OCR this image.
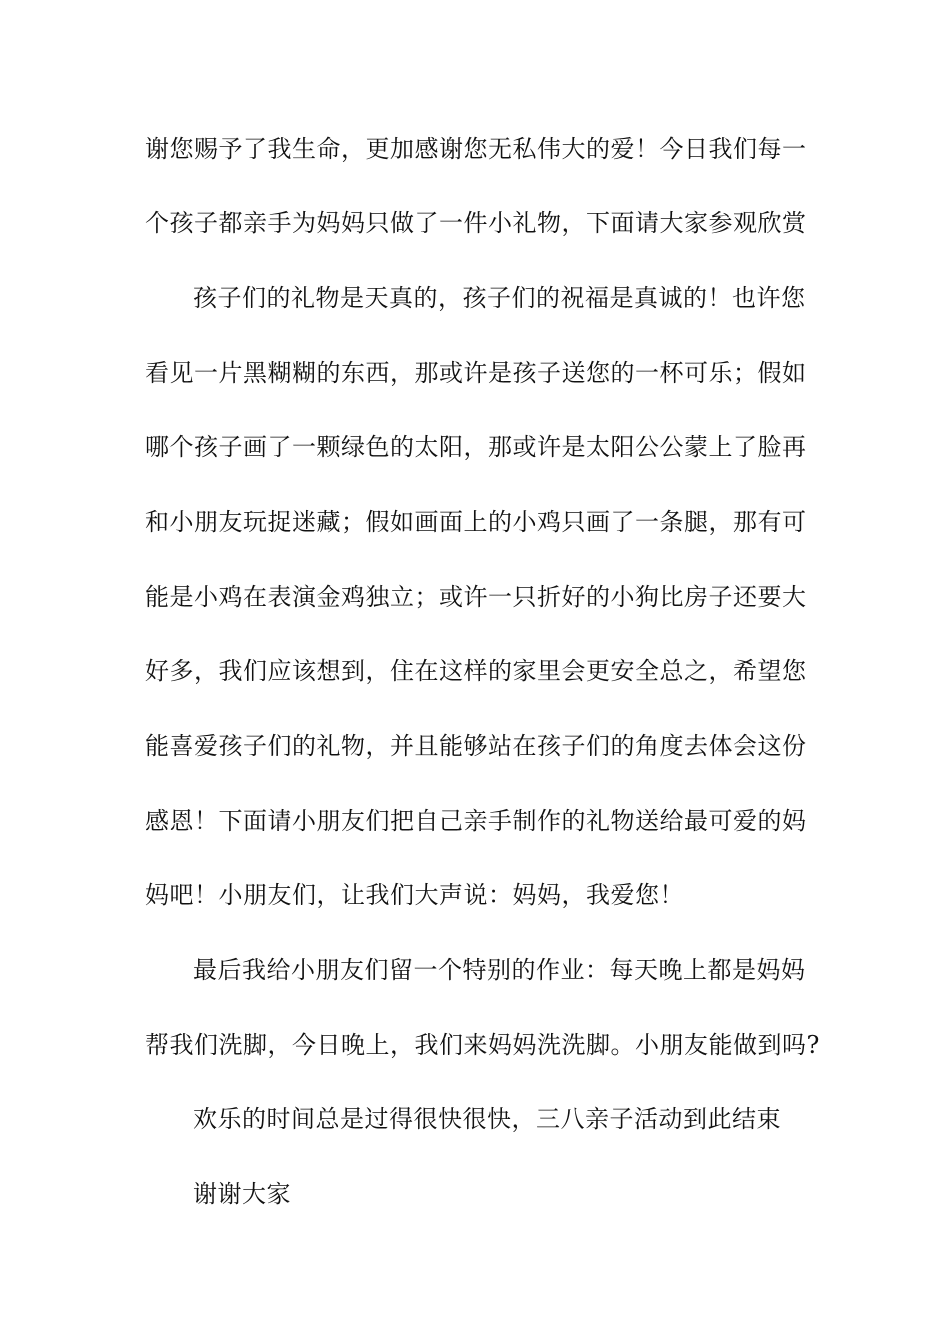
谢您赐予了我生命，更加感谢您无私伟大的爱！今日我们每一
个孩子都亲手为妈妈只做了一件小礼物，下面请大家参观欣赏
孩子们的礼物是天真的，孩子们的祝福是真诚的！也许您
看见一片黑糊糊的东西，那或许是孩子送您的一杯可乐；假如
哪个孩子画了一颗绿色的太阳，那或许是太阳公公蒙上了脸再
和小朋友玩捉迷藏；假如画面上的小鸡只画了一条腿，那有可
能是小鸡在表演金鸡独立；或许一只折好的小狗比房子还要大
好多，我们应该想到，住在这样的家里会更安全总之，希望您
能喜爱孩子们的礼物，并且能够站在孩子们的角度去体会这份
感恩！下面请小朋友们把自己亲手制作的礼物送给最可爱的妈
妈吧！小朋友们，让我们大声说：妈妈，我爱您！
最后我给小朋友们留一个特别的作业：每天晚上都是妈妈
帮我们洗脚，今日晚上，我们来妈妈洗洗脚。小朋友能做到吗?
欢乐的时间总是过得很快很快，三八亲子活动到此结束
谢谢大家
